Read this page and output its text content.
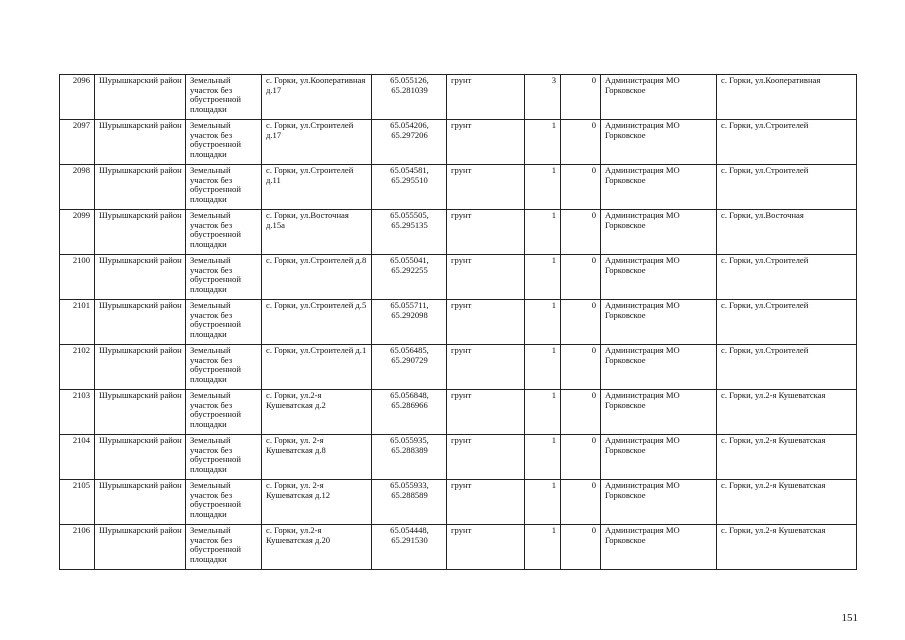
2096	Шурышкарский район	Земельный участок без обустроенной площадки	с. Горки, ул.Кооперативная д.17	65.055126, 65.281039	грунт	3	0	Администрация МО Горковское	с. Горки, ул.Кооперативная
2097	Шурышкарский район	Земельный участок без обустроенной площадки	с. Горки, ул.Строителей д.17	65.054206, 65.297206	грунт	1	0	Администрация МО Горковское	с. Горки, ул.Строителей
2098	Шурышкарский район	Земельный участок без обустроенной площадки	с. Горки, ул.Строителей д.11	65.054581, 65.295510	грунт	1	0	Администрация МО Горковское	с. Горки, ул.Строителей
2099	Шурышкарский район	Земельный участок без обустроенной площадки	с. Горки, ул.Восточная д.15а	65.055505, 65.295135	грунт	1	0	Администрация МО Горковское	с. Горки, ул.Восточная
2100	Шурышкарский район	Земельный участок без обустроенной площадки	с. Горки, ул.Строителей д.8	65.055041, 65.292255	грунт	1	0	Администрация МО Горковское	с. Горки, ул.Строителей
2101	Шурышкарский район	Земельный участок без обустроенной площадки	с. Горки, ул.Строителей д.5	65.055711, 65.292098	грунт	1	0	Администрация МО Горковское	с. Горки, ул.Строителей
2102	Шурышкарский район	Земельный участок без обустроенной площадки	с. Горки, ул.Строителей д.1	65.056485, 65.290729	грунт	1	0	Администрация МО Горковское	с. Горки, ул.Строителей
2103	Шурышкарский район	Земельный участок без обустроенной площадки	с. Горки, ул.2-я Кушеватская д.2	65.056848, 65.286966	грунт	1	0	Администрация МО Горковское	с. Горки, ул.2-я Кушеватская
2104	Шурышкарский район	Земельный участок без обустроенной площадки	с. Горки, ул. 2-я Кушеватская д.8	65.055935, 65.288389	грунт	1	0	Администрация МО Горковское	с. Горки, ул.2-я Кушеватская
2105	Шурышкарский район	Земельный участок без обустроенной площадки	с. Горки, ул. 2-я Кушеватская д.12	65.055933, 65.288589	грунт	1	0	Администрация МО Горковское	с. Горки, ул.2-я Кушеватская
2106	Шурышкарский район	Земельный участок без обустроенной площадки	с. Горки, ул.2-я Кушеватская д.20	65.054448, 65.291530	грунт	1	0	Администрация МО Горковское	с. Горки, ул.2-я Кушеватская
151
